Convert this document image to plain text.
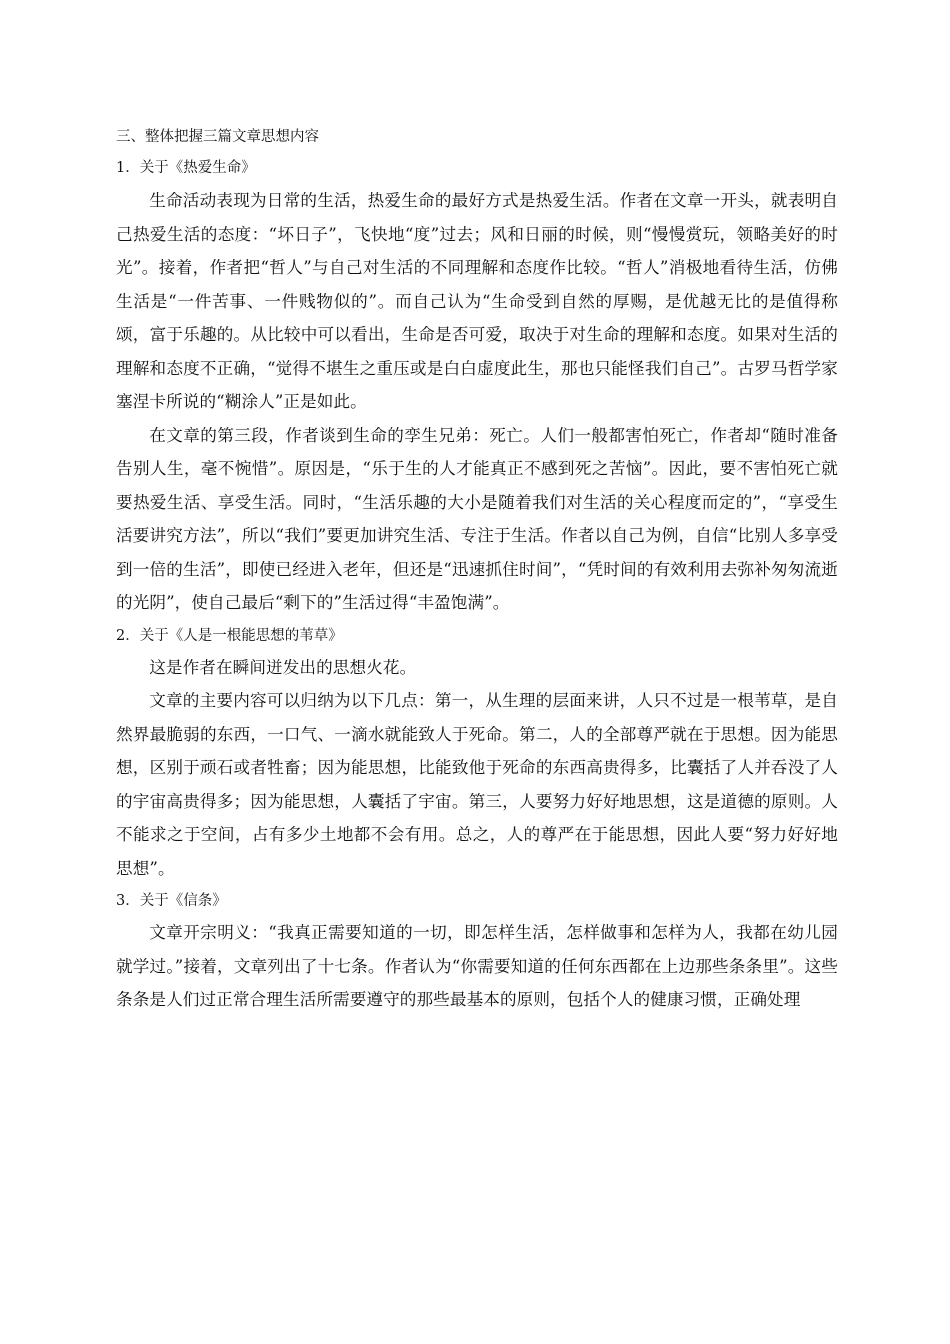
三、整体把握三篇文章思想内容
1．关于《热爱生命》

生命活动表现为日常的生活，热爱生命的最好方式是热爱生活。作者在文章一开头，就表明自己热爱生活的态度：“坏日子”，飞快地“度”过去；风和日丽的时候，则“慢慢赏玩，领略美好的时光”。接着，作者把“哲人”与自己对生活的不同理解和态度作比较。“哲人”消极地看待生活，仿佛生活是“一件苦事、一件贱物似的”。而自己认为“生命受到自然的厚赐，是优越无比的是值得称颂，富于乐趣的。从比较中可以看出，生命是否可爱，取决于对生命的理解和态度。如果对生活的理解和态度不正确，“觉得不堪生之重压或是白白虚度此生，那也只能怪我们自己”。古罗马哲学家塞涅卡所说的“糊涂人”正是如此。

在文章的第三段，作者谈到生命的孪生兄弟：死亡。人们一般都害怕死亡，作者却“随时准备告别人生，毫不惋惜”。原因是，“乐于生的人才能真正不感到死之苦恼”。因此，要不害怕死亡就要热爱生活、享受生活。同时，“生活乐趣的大小是随着我们对生活的关心程度而定的”，“享受生活要讲究方法”，所以“我们”要更加讲究生活、专注于生活。作者以自己为例，自信“比别人多享受到一倍的生活”，即使已经进入老年，但还是“迅速抓住时间”，“凭时间的有效利用去弥补匆匆流逝的光阴”，使自己最后“剩下的”生活过得“丰盈饱满”。

2．关于《人是一根能思想的苇草》

这是作者在瞬间迸发出的思想火花。

文章的主要内容可以归纳为以下几点：第一，从生理的层面来讲，人只不过是一根苇草，是自然界最脆弱的东西，一口气、一滴水就能致人于死命。第二，人的全部尊严就在于思想。因为能思想，区别于顽石或者牲畜；因为能思想，比能致他于死命的东西高贵得多，比囊括了人并吞没了人的宇宙高贵得多；因为能思想，人囊括了宇宙。第三，人要努力好好地思想，这是道德的原则。人不能求之于空间，占有多少土地都不会有用。总之，人的尊严在于能思想，因此人要“努力好好地思想”。

3．关于《信条》

文章开宗明义：“我真正需要知道的一切，即怎样生活，怎样做事和怎样为人，我都在幼儿园就学过。”接着，文章列出了十七条。作者认为“你需要知道的任何东西都在上边那些条条里”。这些条条是人们过正常合理生活所需要遵守的那些最基本的原则，包括个人的健康习惯，正确处理
